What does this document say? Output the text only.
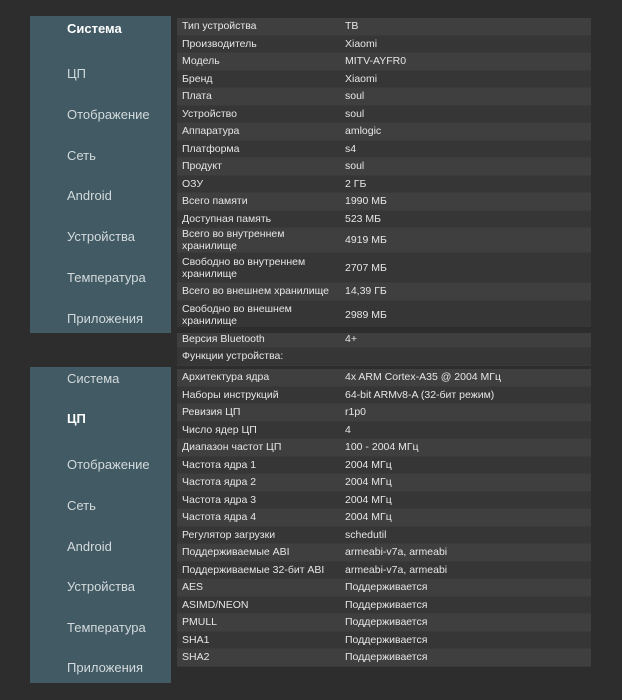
Система
ЦП
Отображение
Сеть
Android
Устройства
Температура
Приложения
Тип устройства	ТВ
Производитель	Xiaomi
Модель	MITV-AYFR0
Бренд	Xiaomi
Плата	soul
Устройство	soul
Аппаратура	amlogic
Платформа	s4
Продукт	soul
ОЗУ	2 ГБ
Всего памяти	1990 МБ
Доступная память	523 МБ
Всего во внутреннем хранилище	4919 МБ
Свободно во внутреннем хранилище	2707 МБ
Всего во внешнем хранилище	14,39 ГБ
Свободно во внешнем хранилище	2989 МБ
Версия Bluetooth	4+
Функции устройства:
Система
ЦП
Отображение
Сеть
Android
Устройства
Температура
Приложения
Архитектура ядра	4x ARM Cortex-A35 @ 2004 МГц
Наборы инструкций	64-bit ARMv8-A (32-бит режим)
Ревизия ЦП	r1p0
Число ядер ЦП	4
Диапазон частот ЦП	100 - 2004 МГц
Частота ядра 1	2004 МГц
Частота ядра 2	2004 МГц
Частота ядра 3	2004 МГц
Частота ядра 4	2004 МГц
Регулятор загрузки	schedutil
Поддерживаемые ABI	armeabi-v7a, armeabi
Поддерживаемые 32-бит ABI	armeabi-v7a, armeabi
AES	Поддерживается
ASIMD/NEON	Поддерживается
PMULL	Поддерживается
SHA1	Поддерживается
SHA2	Поддерживается
